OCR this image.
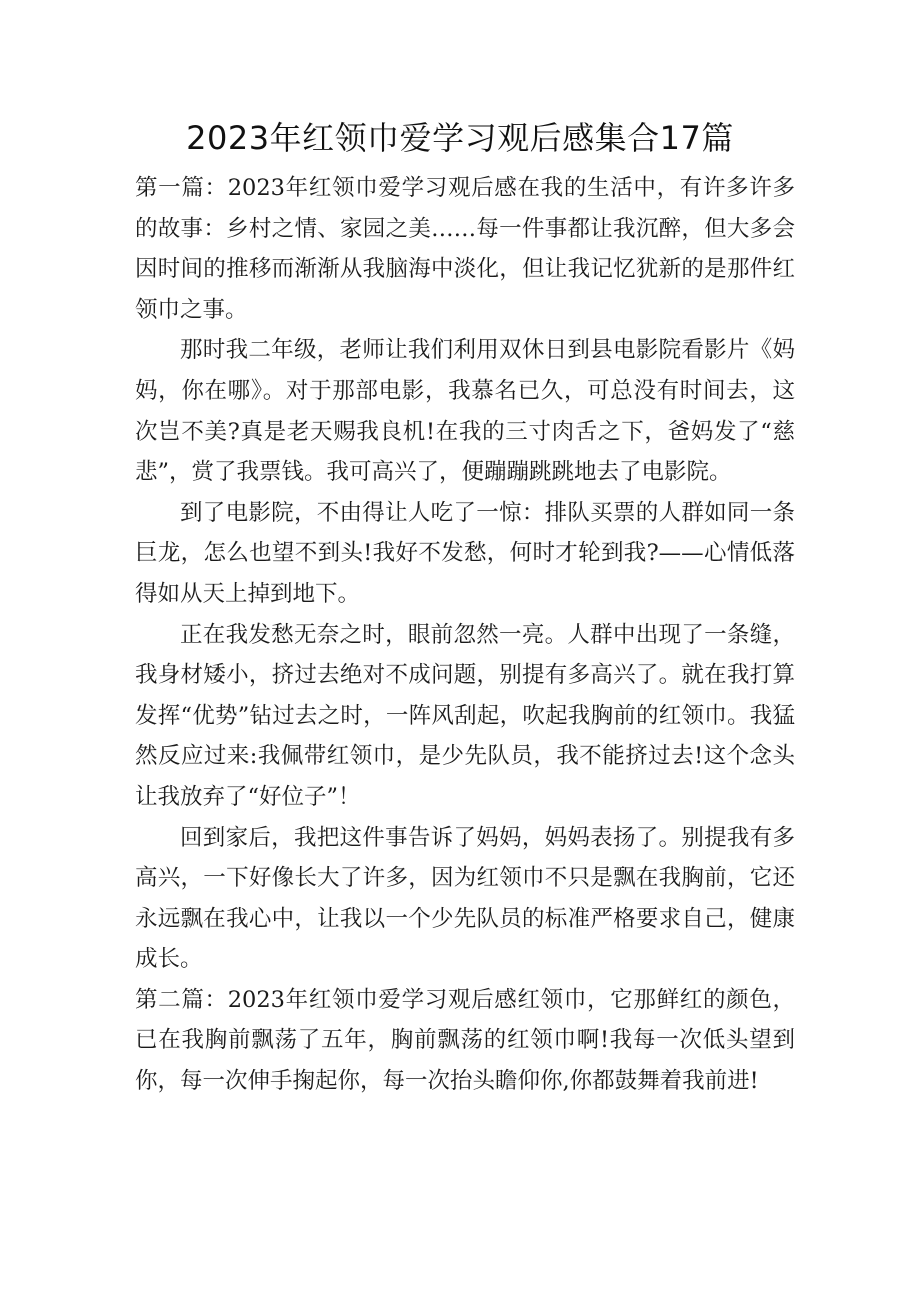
2023年红领巾爱学习观后感集合17篇

第一篇：2023年红领巾爱学习观后感在我的生活中，有许多许多的故事：乡村之情、家园之美……每一件事都让我沉醉，但大多会因时间的推移而渐渐从我脑海中淡化，但让我记忆犹新的是那件红领巾之事。

那时我二年级，老师让我们利用双休日到县电影院看影片《妈妈，你在哪》。对于那部电影，我慕名已久，可总没有时间去，这次岂不美?真是老天赐我良机!在我的三寸肉舌之下，爸妈发了“慈悲”，赏了我票钱。我可高兴了，便蹦蹦跳跳地去了电影院。

到了电影院，不由得让人吃了一惊：排队买票的人群如同一条巨龙，怎么也望不到头!我好不发愁，何时才轮到我?——心情低落得如从天上掉到地下。

正在我发愁无奈之时，眼前忽然一亮。人群中出现了一条缝，我身材矮小，挤过去绝对不成问题，别提有多高兴了。就在我打算发挥“优势”钻过去之时，一阵风刮起，吹起我胸前的红领巾。我猛然反应过来:我佩带红领巾，是少先队员，我不能挤过去!这个念头让我放弃了“好位子”！

回到家后，我把这件事告诉了妈妈，妈妈表扬了。别提我有多高兴，一下好像长大了许多，因为红领巾不只是飘在我胸前，它还永远飘在我心中，让我以一个少先队员的标准严格要求自己，健康成长。

第二篇：2023年红领巾爱学习观后感红领巾，它那鲜红的颜色，已在我胸前飘荡了五年，胸前飘荡的红领巾啊!我每一次低头望到你，每一次伸手掬起你，每一次抬头瞻仰你,你都鼓舞着我前进!
